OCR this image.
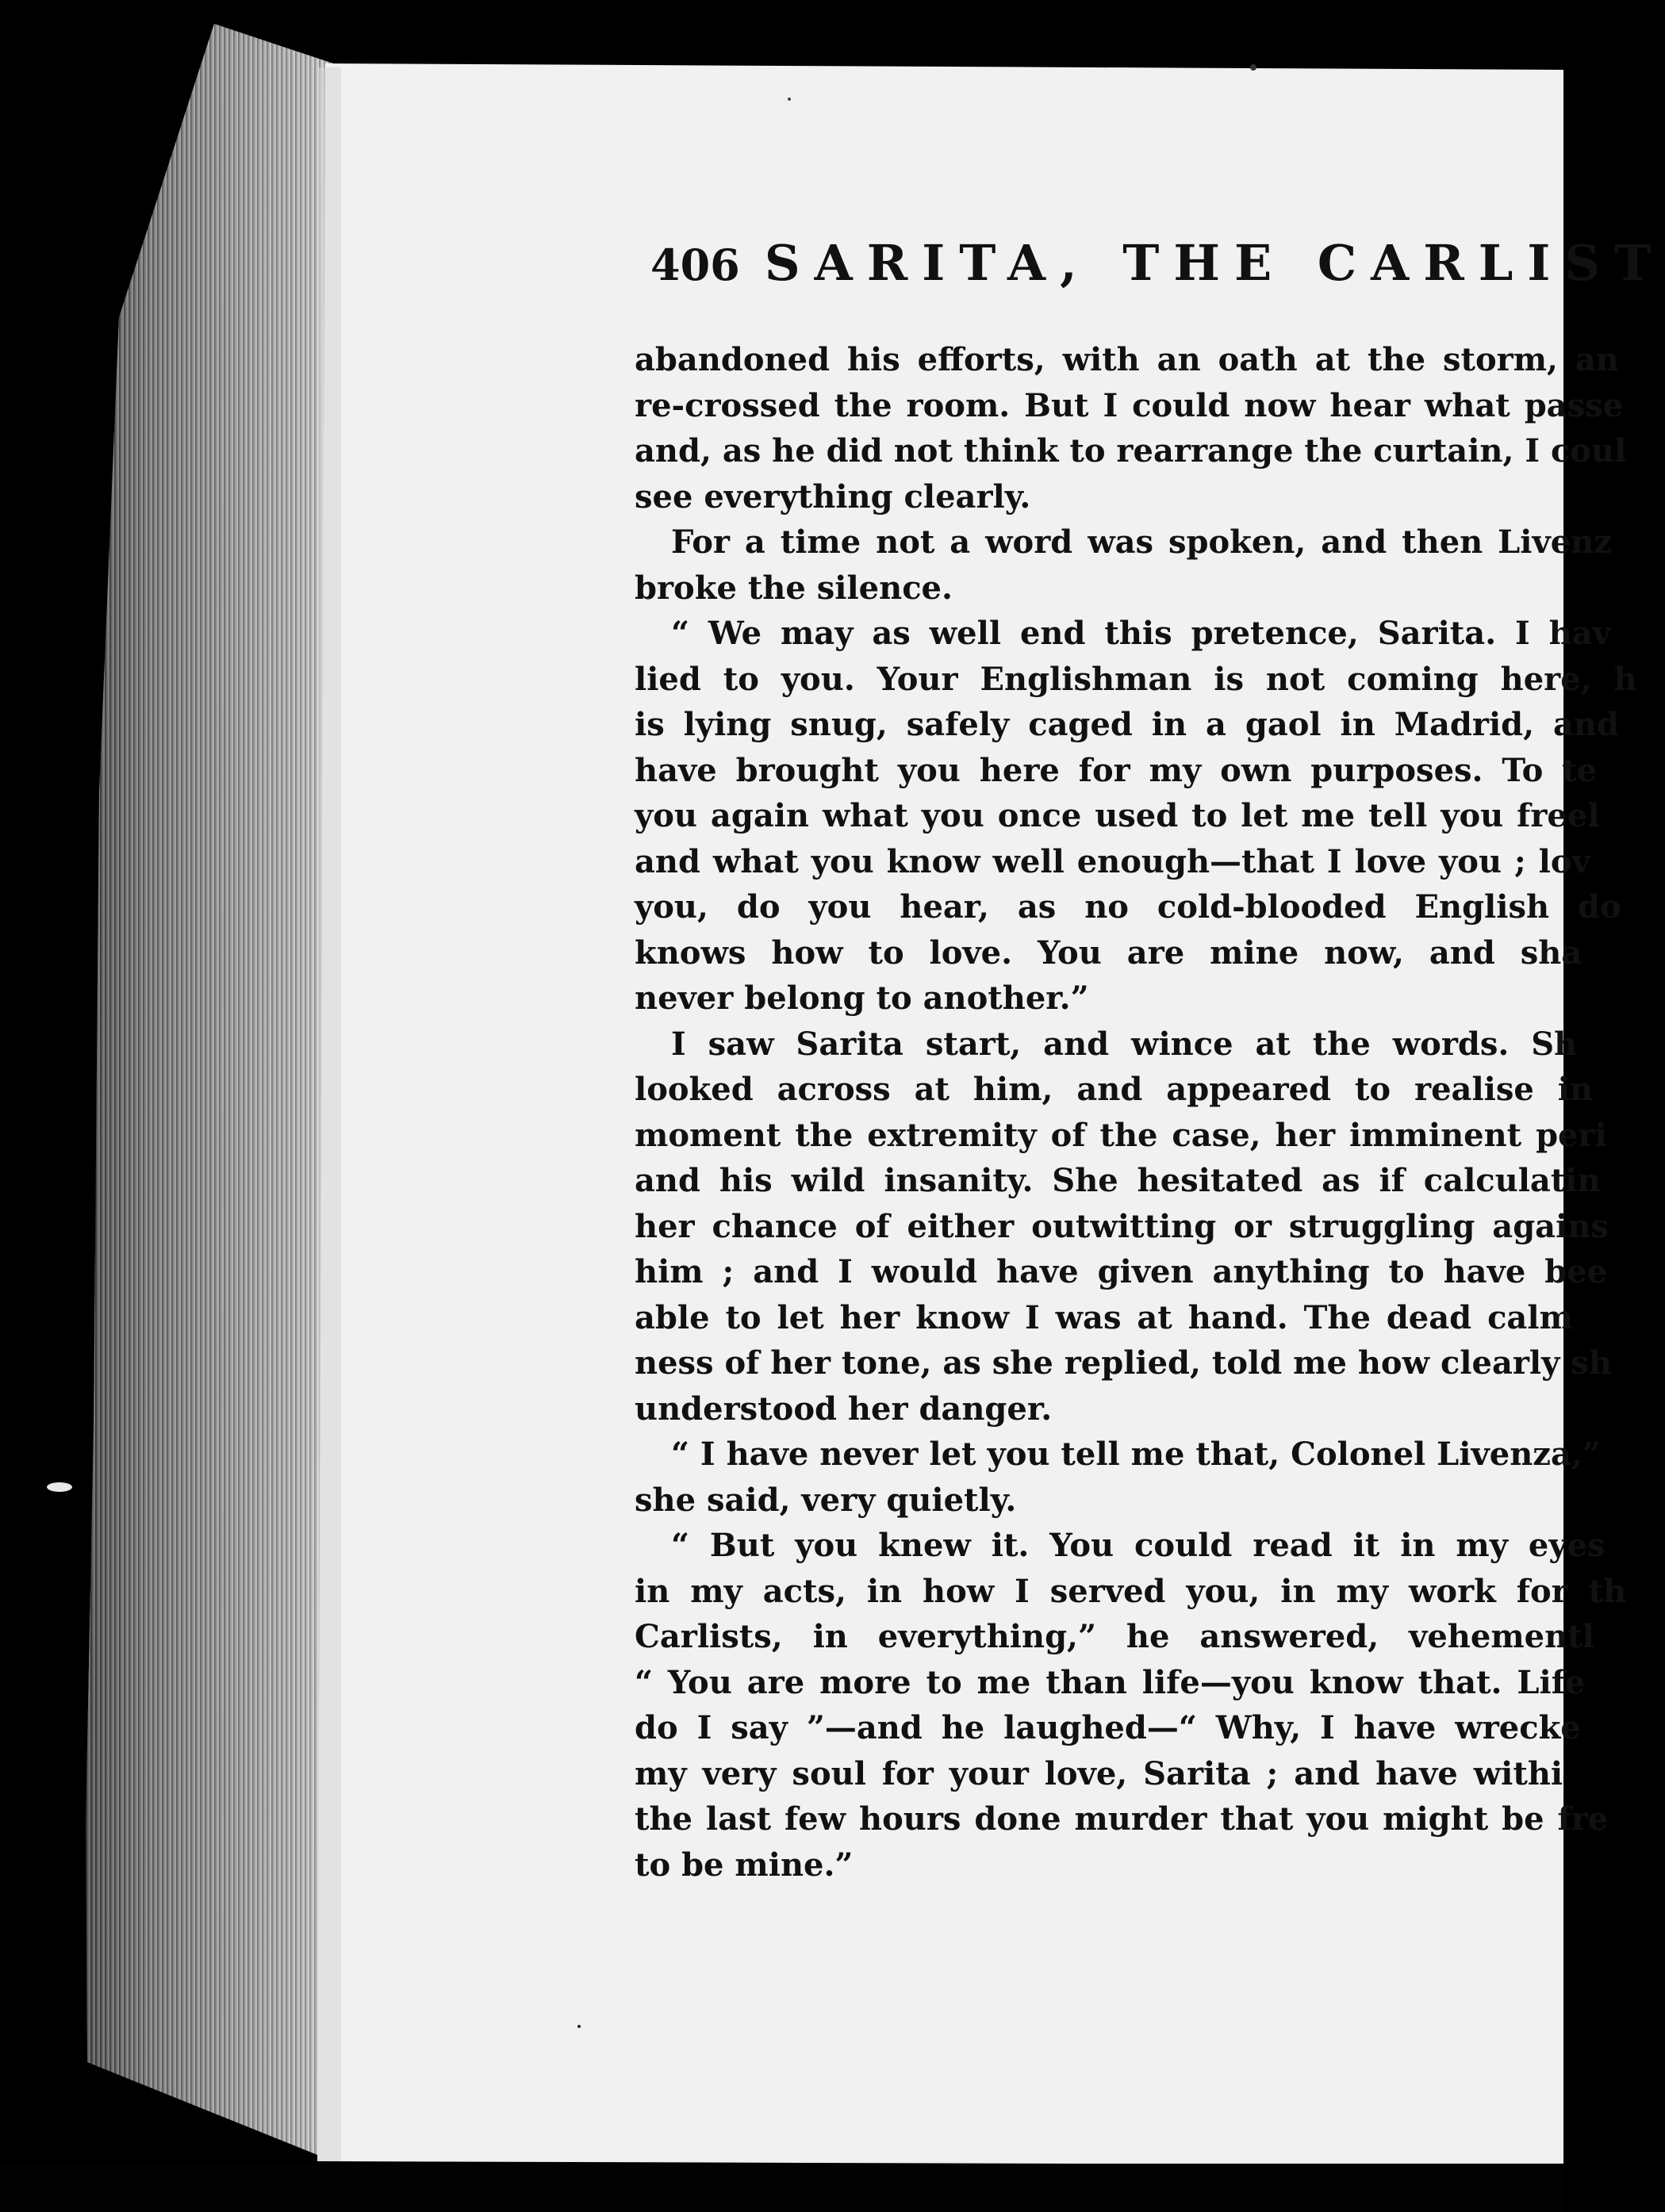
406 SARITA, THE CARLIST
abandoned his efforts, with an oath at the storm, an
re-crossed the room. But I could now hear what passe
and, as he did not think to rearrange the curtain, I coul
see everything clearly.
For a time not a word was spoken, and then Livenz
broke the silence.
“ We may as well end this pretence, Sarita. I hav
lied to you. Your Englishman is not coming here, h
is lying snug, safely caged in a gaol in Madrid, and
have brought you here for my own purposes. To te
you again what you once used to let me tell you freel
and what you know well enough—that I love you ; lov
you, do you hear, as no cold-blooded English do
knows how to love. You are mine now, and sha
never belong to another.”
I saw Sarita start, and wince at the words. Sh
looked across at him, and appeared to realise in
moment the extremity of the case, her imminent peri
and his wild insanity. She hesitated as if calculatin
her chance of either outwitting or struggling agains
him ; and I would have given anything to have bee
able to let her know I was at hand. The dead calm
ness of her tone, as she replied, told me how clearly sh
understood her danger.
“ I have never let you tell me that, Colonel Livenza,”
she said, very quietly.
“ But you knew it. You could read it in my eyes
in my acts, in how I served you, in my work for th
Carlists, in everything,” he answered, vehementl
“ You are more to me than life—you know that. Life
do I say ”—and he laughed—“ Why, I have wrecke
my very soul for your love, Sarita ; and have withi
the last few hours done murder that you might be fre
to be mine.”
